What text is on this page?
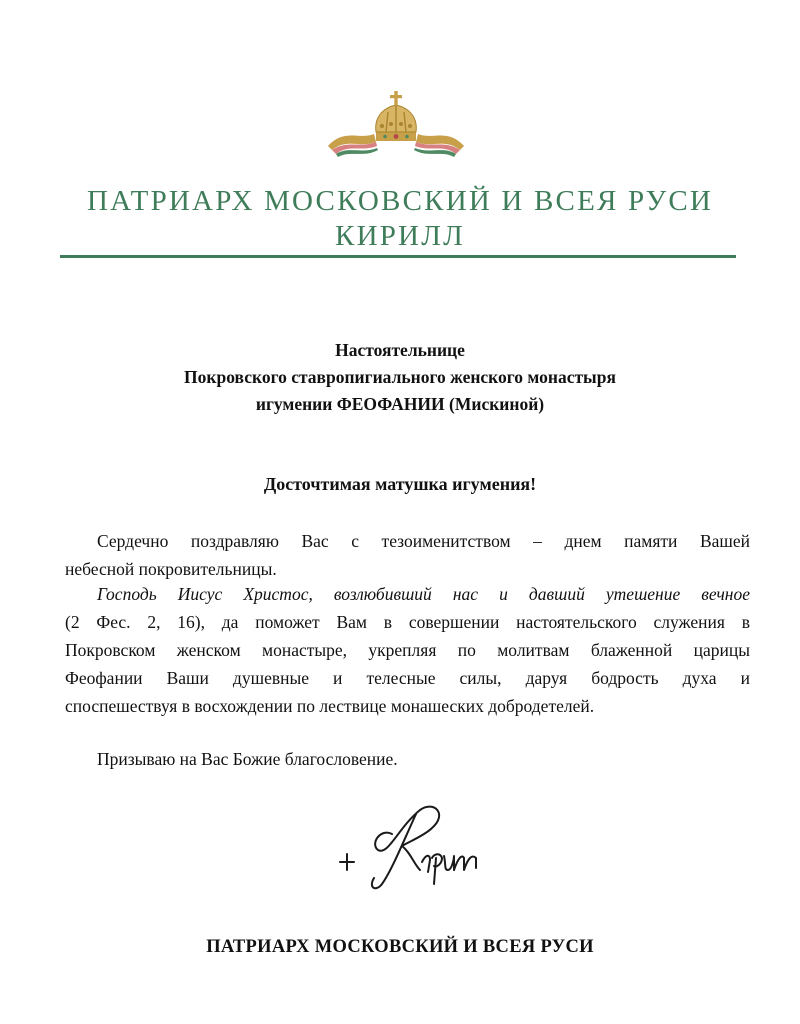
ПАТРИАРХ МОСКОВСКИЙ И ВСЕЯ РУСИ
КИРИЛЛ
Настоятельнице
Покровского ставропигиального женского монастыря
игумении ФЕОФАНИИ (Мискиной)
Досточтимая матушка игумения!
Сердечно поздравляю Вас с тезоименитством – днем памяти Вашей
небесной покровительницы.
Господь Иисус Христос, возлюбивший нас и давший утешение вечное
(2 Фес. 2, 16), да поможет Вам в совершении настоятельского служения в
Покровском женском монастыре, укрепляя по молитвам блаженной царицы
Феофании Ваши душевные и телесные силы, даруя бодрость духа и
споспешествуя в восхождении по лествице монашеских добродетелей.
Призываю на Вас Божие благословение.
ПАТРИАРХ МОСКОВСКИЙ И ВСЕЯ РУСИ
